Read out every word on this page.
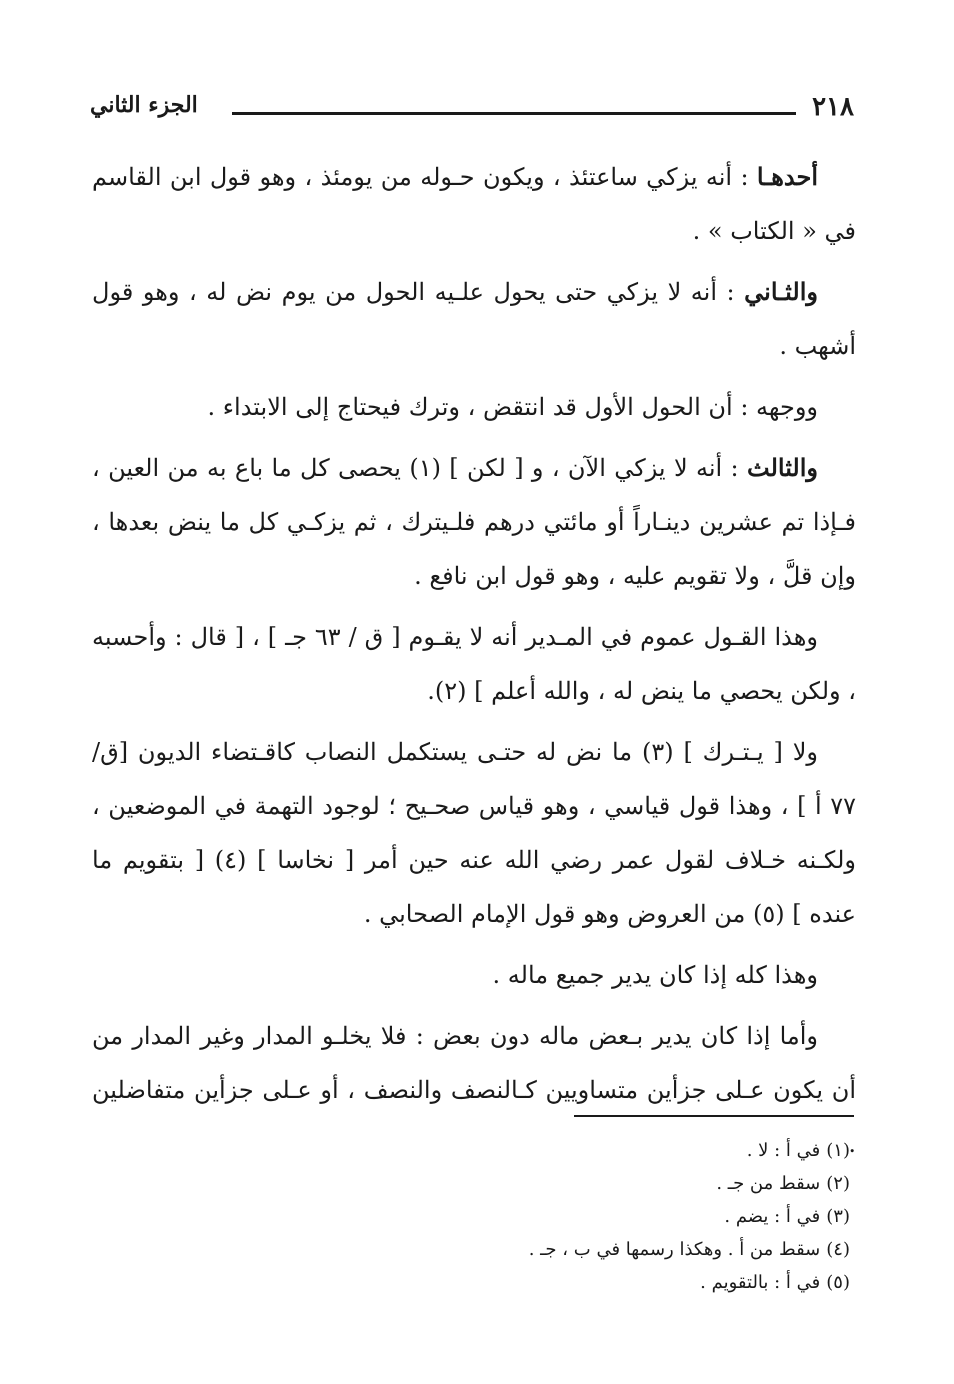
٢١٨
الجزء الثاني

أحدهـا : أنه يزكي ساعتئذ ، ويكون حـوله من يومئذ ، وهو قول ابن القاسم في « الكتاب » .

والثـاني : أنه لا يزكي حتى يحول علـيه الحول من يوم نض له ، وهو قول أشهب .

ووجهه : أن الحول الأول قد انتقض ، وترك فيحتاج إلى الابتداء .

والثالث : أنه لا يزكي الآن ، و [ لكن ] (١) يحصى كل ما باع به من العين ، فـإذا تم عشرين دينـاراً أو مائتي درهم فلـيترك ، ثم يزكـي كل ما ينض بعدها ، وإن قلَّ ، ولا تقويم عليه ، وهو قول ابن نافع .

وهذا القـول عموم في المـدير أنه لا يقـوم [ ق / ٦٣ جـ ] ، [ قال : وأحسبه ، ولكن يحصي ما ينض له ، والله أعلم ] (٢).

ولا [ يـتـرك ] (٣) ما نض له حتـى يستكمل النصاب كاقـتضاء الديون [ق/ ٧٧ أ ] ، وهذا قول قياسي ، وهو قياس صحـيح ؛ لوجود التهمة في الموضعين ، ولكـنه خـلاف لقول عمر رضي الله عنه حين أمر [ نخاسا ] (٤) [ بتقويم ما عنده ] (٥) من العروض وهو قول الإمام الصحابي .

وهذا كله إذا كان يدير جميع ماله .

وأما إذا كان يدير بـعض ماله دون بعض : فلا يخلـو المدار وغير المدار من أن يكون عـلى جزأين متساويين كـالنصف والنصف ، أو عـلى جزأين متفاضلين .

(١)في أ : لا .
(٢)سقط من جـ .
(٣)في أ : يضم .
(٤)سقط من أ . وهكذا رسمها في ب ، جـ .
(٥)في أ : بالتقويم .
